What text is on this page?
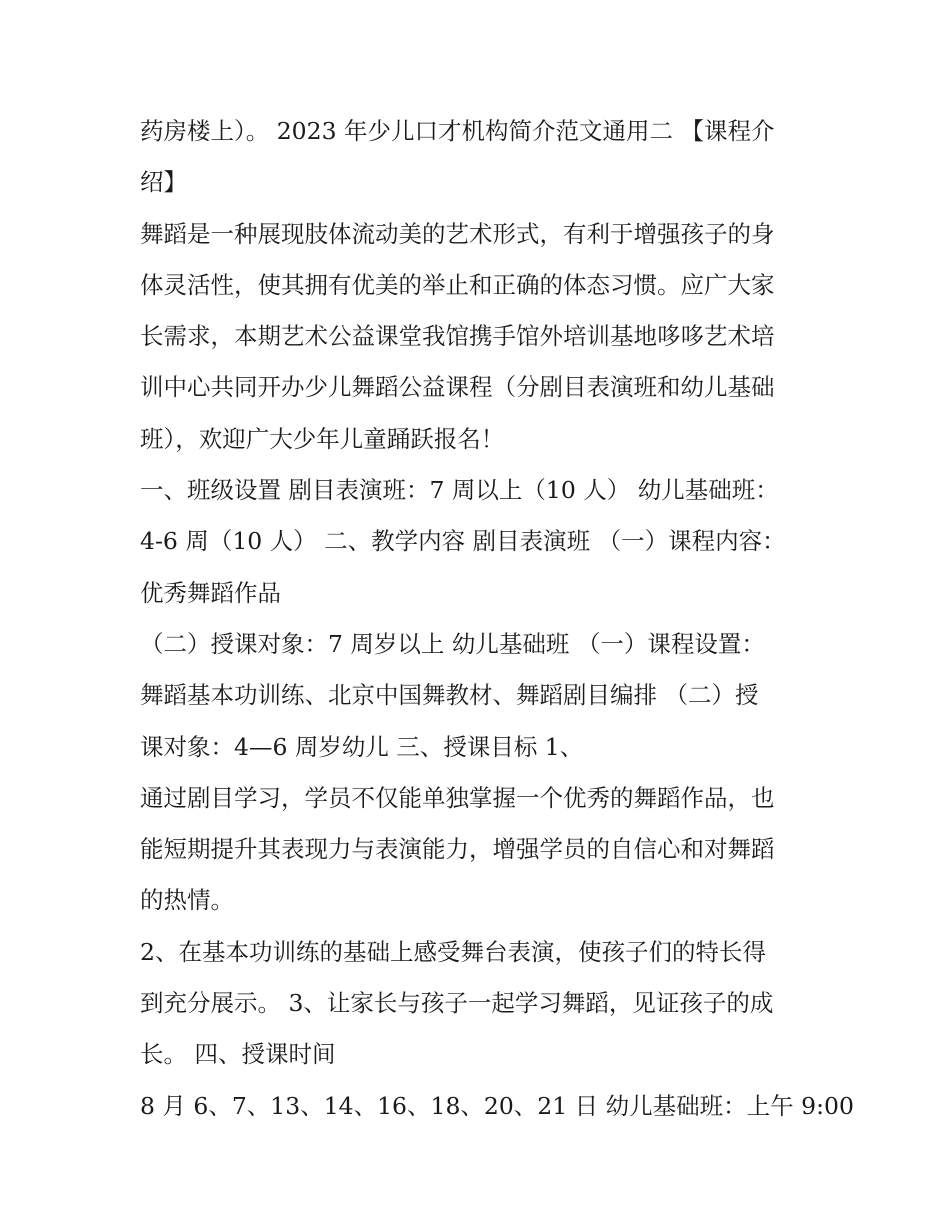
药房楼上）。 2023 年少儿口才机构简介范文通用二 【课程介
绍】
舞蹈是一种展现肢体流动美的艺术形式，有利于增强孩子的身
体灵活性，使其拥有优美的举止和正确的体态习惯。应广大家
长需求，本期艺术公益课堂我馆携手馆外培训基地哆哆艺术培
训中心共同开办少儿舞蹈公益课程（分剧目表演班和幼儿基础
班），欢迎广大少年儿童踊跃报名！
一、班级设置 剧目表演班：7 周以上（10 人） 幼儿基础班：
4-6 周（10 人） 二、教学内容 剧目表演班 （一）课程内容：
优秀舞蹈作品
（二）授课对象：7 周岁以上 幼儿基础班 （一）课程设置：
舞蹈基本功训练、北京中国舞教材、舞蹈剧目编排 （二）授
课对象：4—6 周岁幼儿 三、授课目标 1、
通过剧目学习，学员不仅能单独掌握一个优秀的舞蹈作品，也
能短期提升其表现力与表演能力，增强学员的自信心和对舞蹈
的热情。
2、在基本功训练的基础上感受舞台表演，使孩子们的特长得
到充分展示。 3、让家长与孩子一起学习舞蹈，见证孩子的成
长。 四、授课时间
8 月 6、7、13、14、16、18、20、21 日 幼儿基础班：上午 9:00
